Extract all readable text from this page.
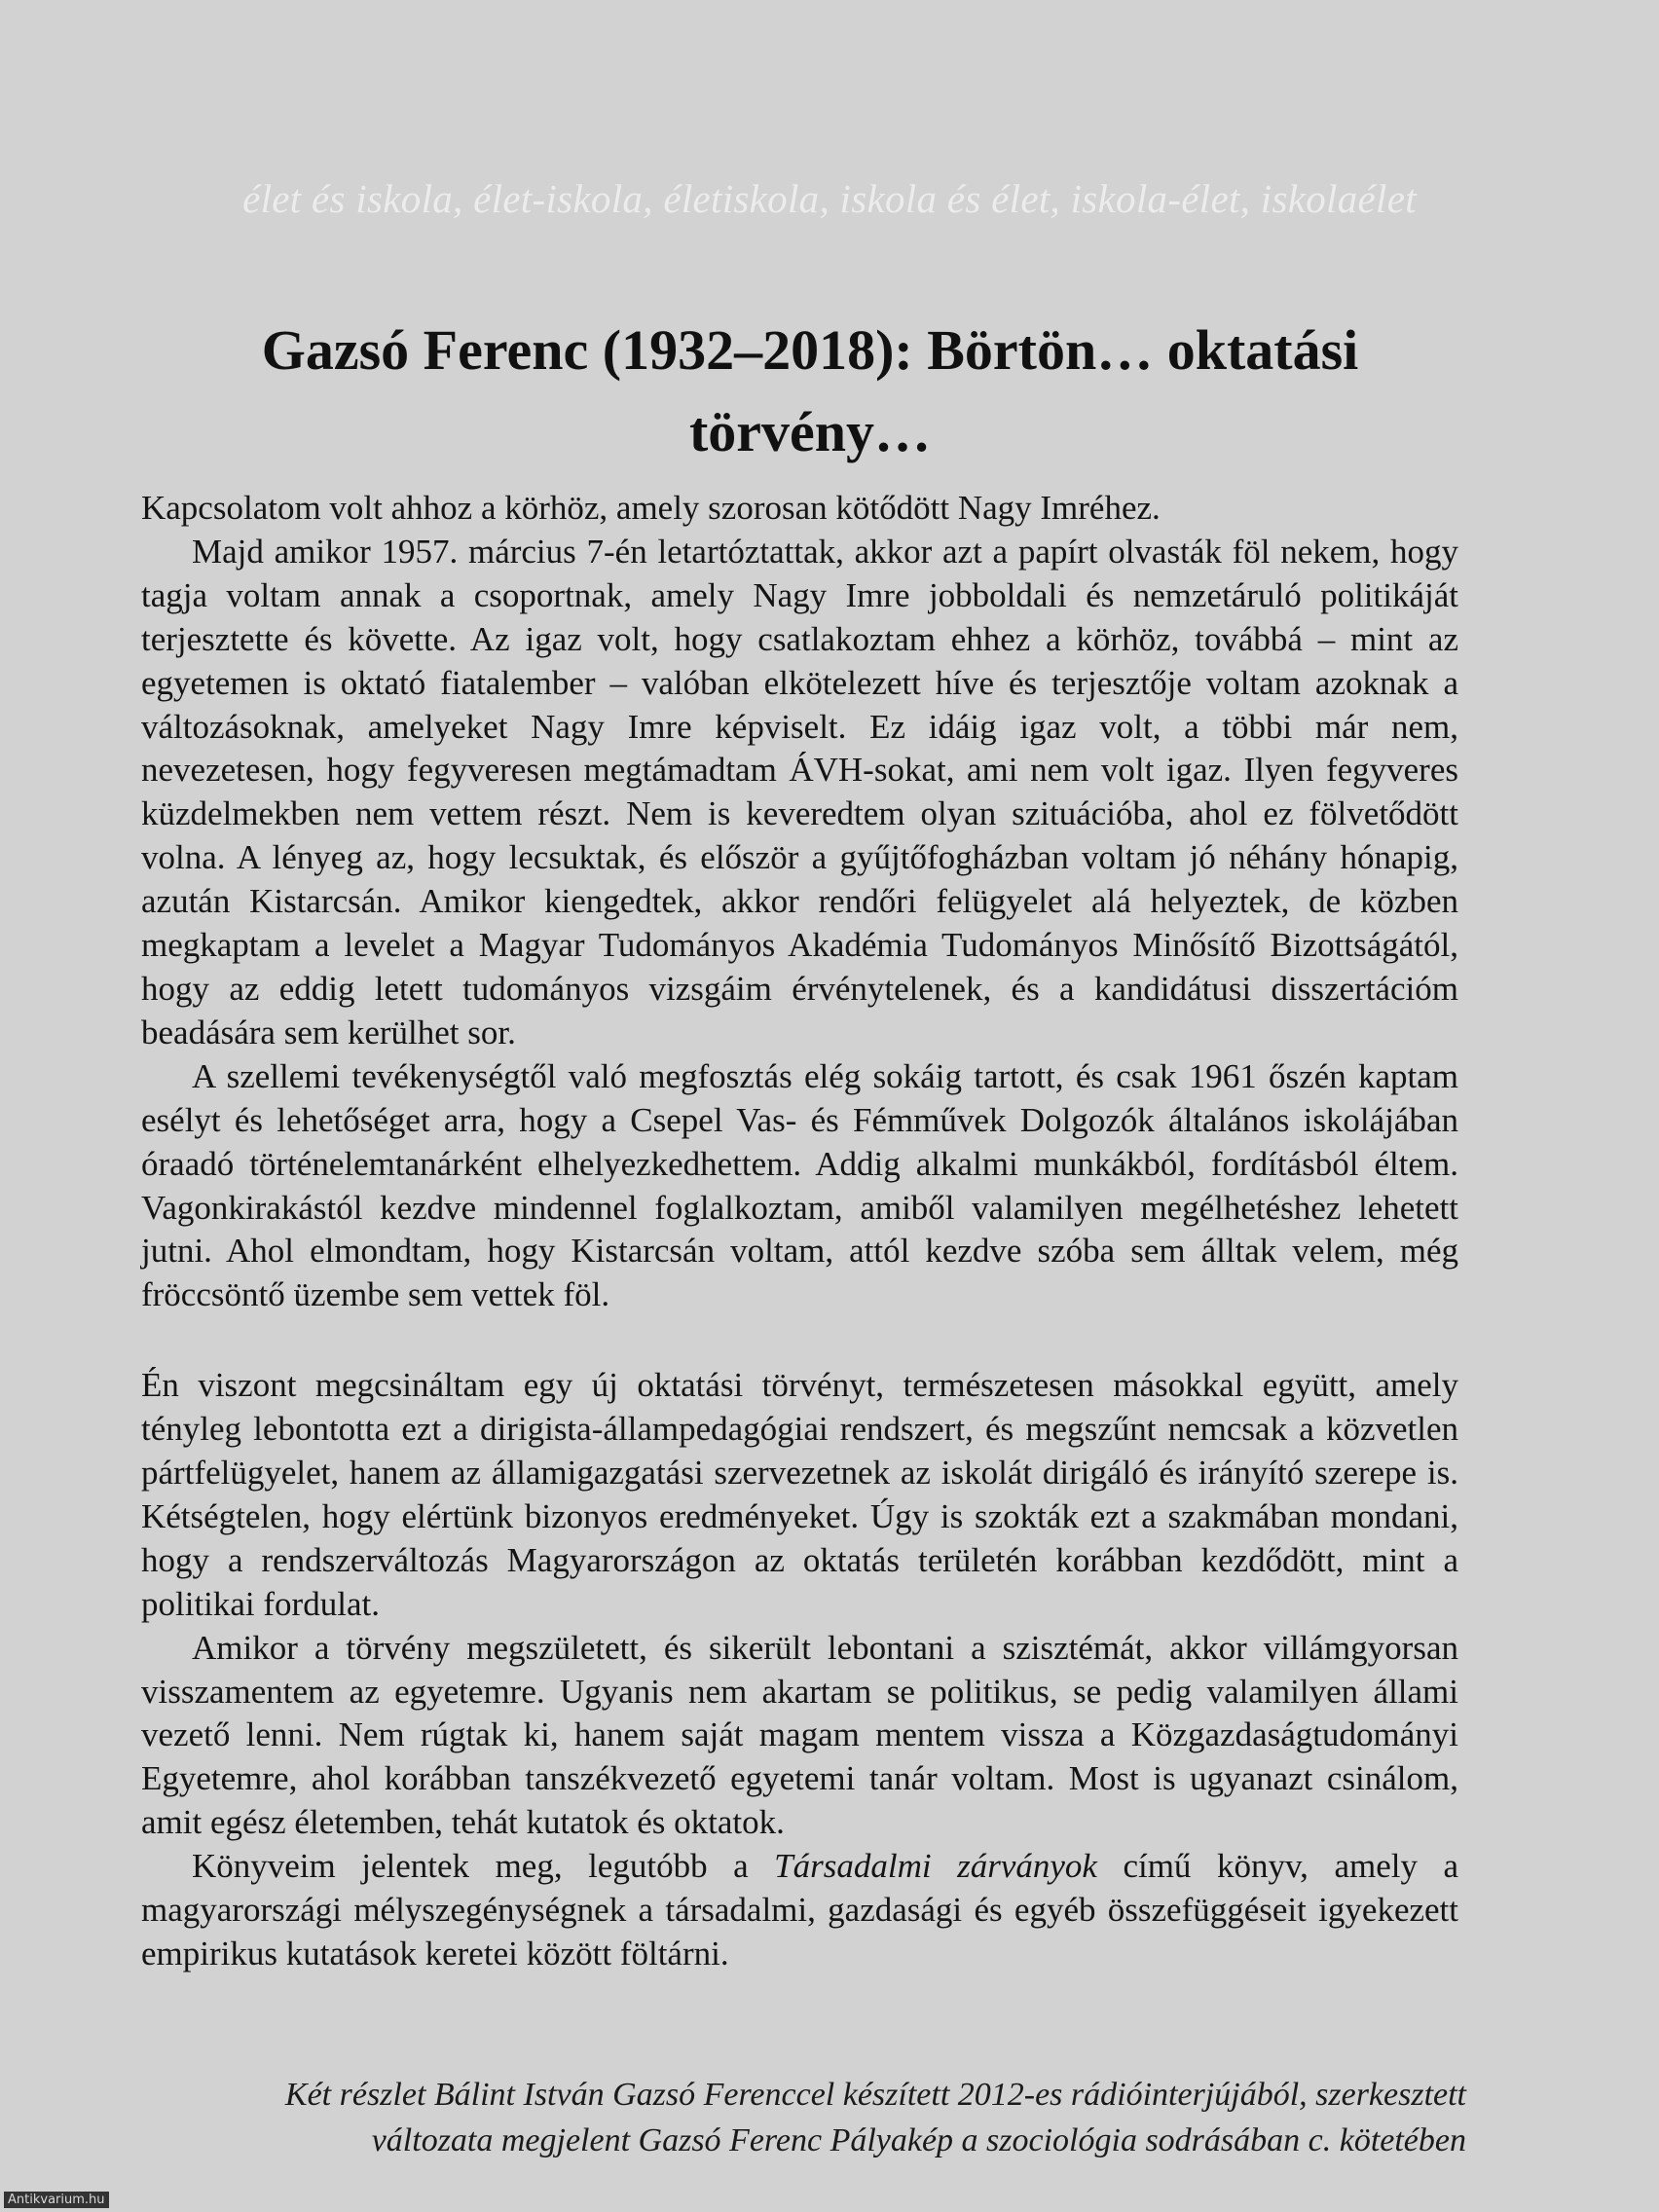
élet és iskola, élet-iskola, életiskola, iskola és élet, iskola-élet, iskolaélet
Gazsó Ferenc (1932–2018): Börtön… oktatási törvény…

Kapcsolatom volt ahhoz a körhöz, amely szorosan kötődött Nagy Imréhez.

Majd amikor 1957. március 7-én letartóztattak, akkor azt a papírt olvasták föl nekem, hogy tagja voltam annak a csoportnak, amely Nagy Imre jobboldali és nemzetáruló politikáját terjesztette és követte. Az igaz volt, hogy csatlakoztam ehhez a körhöz, továbbá – mint az egyetemen is oktató fiatalember – valóban elkötelezett híve és terjesztője voltam azoknak a változásoknak, amelyeket Nagy Imre képviselt. Ez idáig igaz volt, a többi már nem, nevezetesen, hogy fegyveresen megtámadtam ÁVH-sokat, ami nem volt igaz. Ilyen fegyveres küzdelmekben nem vettem részt. Nem is keveredtem olyan szituációba, ahol ez fölvetődött volna. A lényeg az, hogy lecsuktak, és először a gyűjtőfogházban voltam jó néhány hónapig, azután Kistarcsán. Amikor kiengedtek, akkor rendőri felügyelet alá helyeztek, de közben megkaptam a levelet a Magyar Tudományos Akadémia Tudományos Minősítő Bizottságától, hogy az eddig letett tudományos vizsgáim érvénytelenek, és a kandidátusi disszertációm beadására sem kerülhet sor.

A szellemi tevékenységtől való megfosztás elég sokáig tartott, és csak 1961 őszén kaptam esélyt és lehetőséget arra, hogy a Csepel Vas- és Fémművek Dolgozók általános iskolájában óraadó történelemtanárként elhelyezkedhettem. Addig alkalmi munkákból, fordításból éltem. Vagonkirakástól kezdve mindennel foglalkoztam, amiből valamilyen megélhetéshez lehetett jutni. Ahol elmondtam, hogy Kistarcsán voltam, attól kezdve szóba sem álltak velem, még fröccsöntő üzembe sem vettek föl.

Én viszont megcsináltam egy új oktatási törvényt, természetesen másokkal együtt, amely tényleg lebontotta ezt a dirigista-állampedagógiai rendszert, és megszűnt nemcsak a közvetlen pártfelügyelet, hanem az államigazgatási szervezetnek az iskolát dirigáló és irányító szerepe is. Kétségtelen, hogy elértünk bizonyos eredményeket. Úgy is szokták ezt a szakmában mondani, hogy a rendszerváltozás Magyarországon az oktatás területén korábban kezdődött, mint a politikai fordulat.

Amikor a törvény megszületett, és sikerült lebontani a szisztémát, akkor villámgyorsan visszamentem az egyetemre. Ugyanis nem akartam se politikus, se pedig valamilyen állami vezető lenni. Nem rúgtak ki, hanem saját magam mentem vissza a Közgazdaságtudományi Egyetemre, ahol korábban tanszékvezető egyetemi tanár voltam. Most is ugyanazt csinálom, amit egész életemben, tehát kutatok és oktatok.

Könyveim jelentek meg, legutóbb a Társadalmi zárványok című könyv, amely a magyarországi mélyszegénységnek a társadalmi, gazdasági és egyéb összefüggéseit igyekezett empirikus kutatások keretei között föltárni.

Két részlet Bálint István Gazsó Ferenccel készített 2012-es rádióinterjújából, szerkesztett
változata megjelent Gazsó Ferenc Pályakép a szociológia sodrásában c. kötetében
Antikvarium.hu
